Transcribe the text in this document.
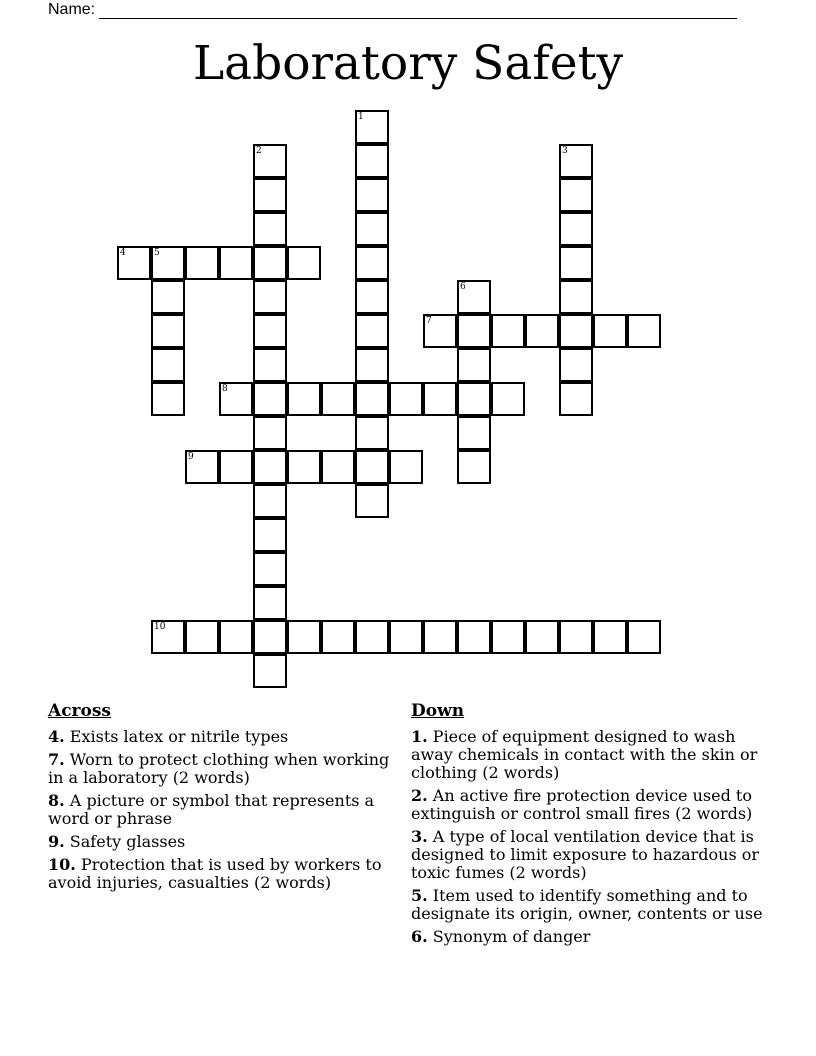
Name:
Laboratory Safety
1
2	3
4	5
6
7
8
9
10
Across
4. Exists latex or nitrile types
7. Worn to protect clothing when working in a laboratory (2 words)
8. A picture or symbol that represents a word or phrase
9. Safety glasses
10. Protection that is used by workers to avoid injuries, casualties (2 words)
Down
1. Piece of equipment designed to wash away chemicals in contact with the skin or clothing (2 words)
2. An active fire protection device used to extinguish or control small fires (2 words)
3. A type of local ventilation device that is designed to limit exposure to hazardous or toxic fumes (2 words)
5. Item used to identify something and to designate its origin, owner, contents or use
6. Synonym of danger
